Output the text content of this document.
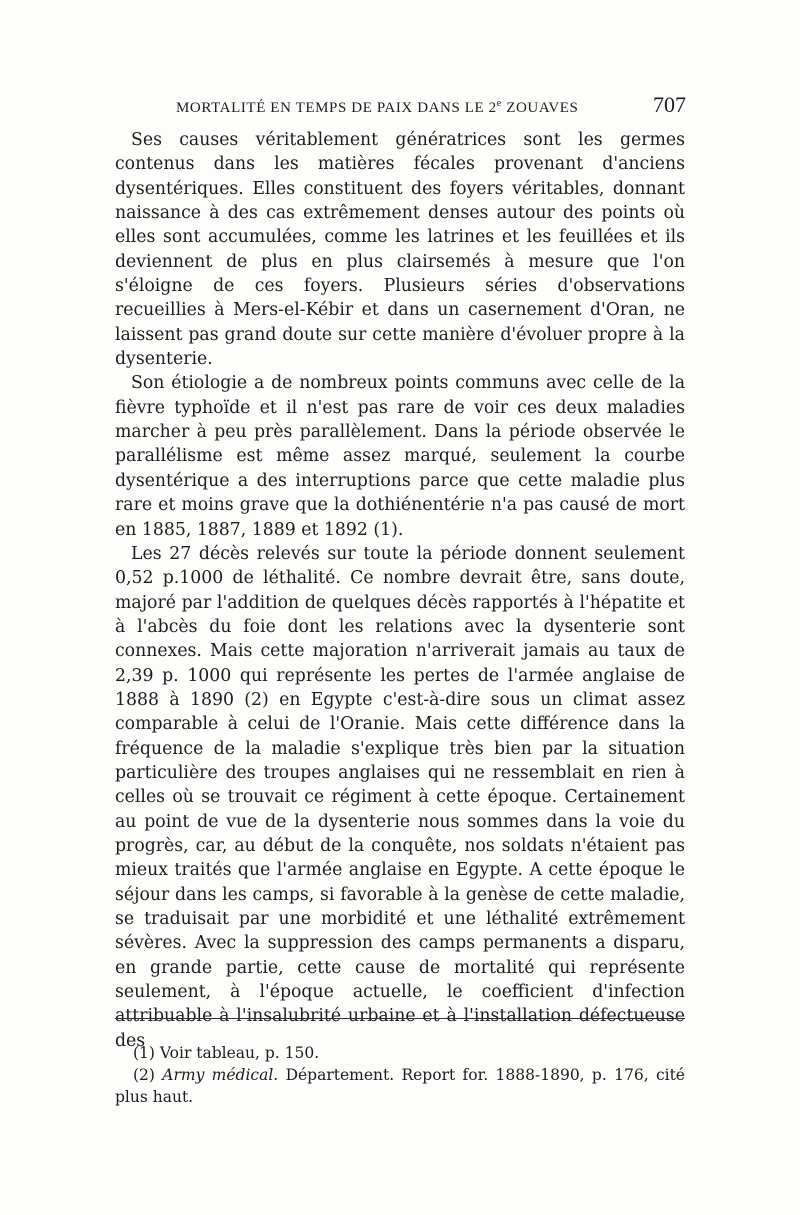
MORTALITÉ EN TEMPS DE PAIX DANS LE 2e ZOUAVES	707

Ses causes véritablement génératrices sont les germes contenus dans les matières fécales provenant d'anciens dysentériques. Elles constituent des foyers véritables, donnant naissance à des cas extrêmement denses autour des points où elles sont accumulées, comme les latrines et les feuillées et ils deviennent de plus en plus clairsemés à mesure que l'on s'éloigne de ces foyers. Plusieurs séries d'observations recueillies à Mers-el-Kébir et dans un casernement d'Oran, ne laissent pas grand doute sur cette manière d'évoluer propre à la dysenterie.

Son étiologie a de nombreux points communs avec celle de la fièvre typhoïde et il n'est pas rare de voir ces deux maladies marcher à peu près parallèlement. Dans la période observée le parallélisme est même assez marqué, seulement la courbe dysentérique a des interruptions parce que cette maladie plus rare et moins grave que la dothiénentérie n'a pas causé de mort en 1885, 1887, 1889 et 1892 (1).

Les 27 décès relevés sur toute la période donnent seulement 0,52 p.1000 de léthalité. Ce nombre devrait être, sans doute, majoré par l'addition de quelques décès rapportés à l'hépatite et à l'abcès du foie dont les relations avec la dysenterie sont connexes. Mais cette majoration n'arriverait jamais au taux de 2,39 p. 1000 qui représente les pertes de l'armée anglaise de 1888 à 1890 (2) en Egypte c'est-à-dire sous un climat assez comparable à celui de l'Oranie. Mais cette différence dans la fréquence de la maladie s'explique très bien par la situation particulière des troupes anglaises qui ne ressemblait en rien à celles où se trouvait ce régiment à cette époque. Certainement au point de vue de la dysenterie nous sommes dans la voie du progrès, car, au début de la conquête, nos soldats n'étaient pas mieux traités que l'armée anglaise en Egypte. A cette époque le séjour dans les camps, si favorable à la genèse de cette maladie, se traduisait par une morbidité et une léthalité extrêmement sévères. Avec la suppression des camps permanents a disparu, en grande partie, cette cause de mortalité qui représente seulement, à l'époque actuelle, le coefficient d'infection attribuable à l'insalubrité urbaine et à l'installation défectueuse des

(1) Voir tableau, p. 150.

(2) Army médical. Département. Report for. 1888-1890, p. 176, cité plus haut.
